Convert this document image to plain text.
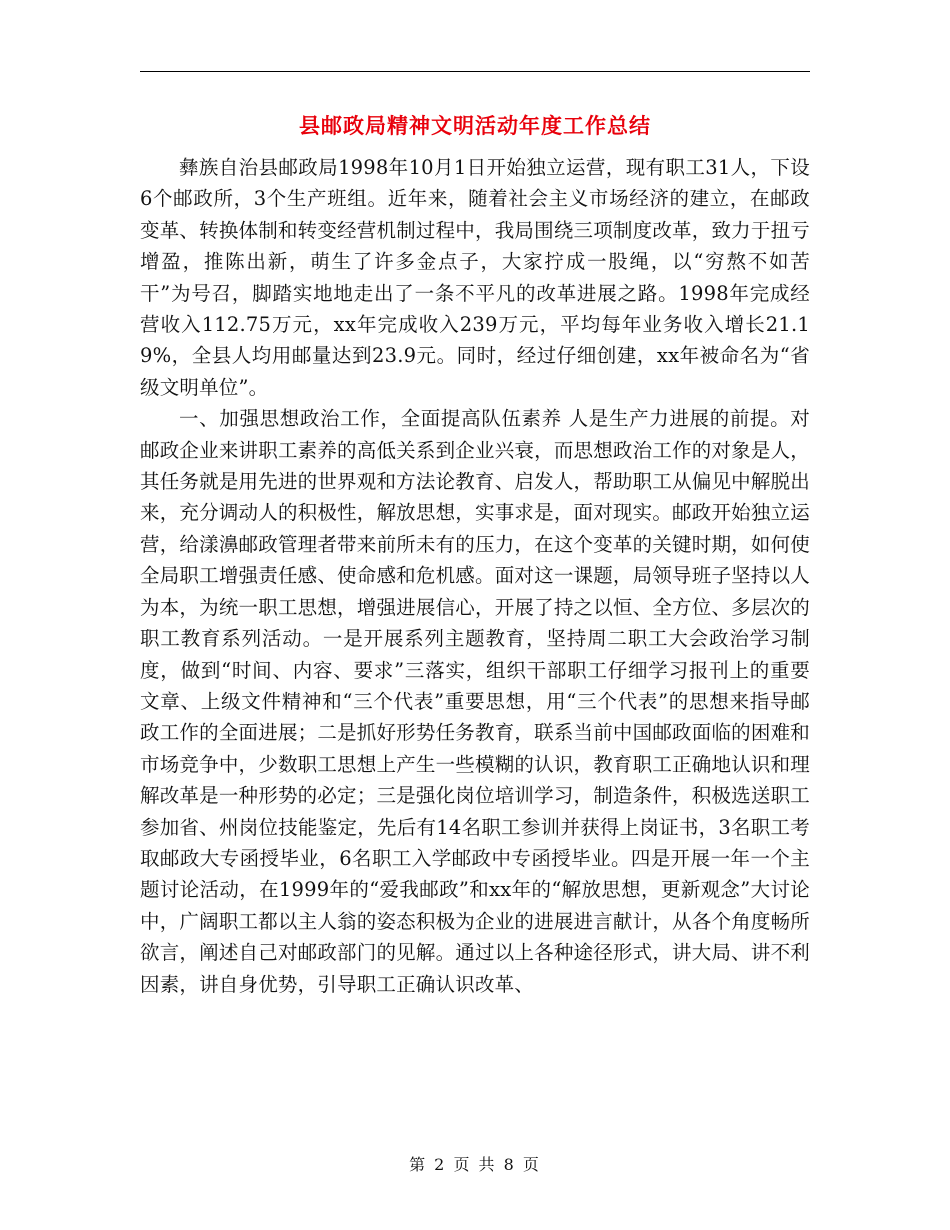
县邮政局精神文明活动年度工作总结

彝族自治县邮政局1998年10月1日开始独立运营，现有职工31人，下设6个邮政所，3个生产班组。近年来，随着社会主义市场经济的建立，在邮政变革、转换体制和转变经营机制过程中，我局围绕三项制度改革，致力于扭亏增盈，推陈出新，萌生了许多金点子，大家拧成一股绳，以“穷熬不如苦干”为号召，脚踏实地地走出了一条不平凡的改革进展之路。1998年完成经营收入112.75万元，xx年完成收入239万元，平均每年业务收入增长21.19%，全县人均用邮量达到23.9元。同时，经过仔细创建，xx年被命名为“省级文明单位”。

一、加强思想政治工作，全面提高队伍素养 人是生产力进展的前提。对邮政企业来讲职工素养的高低关系到企业兴衰，而思想政治工作的对象是人，其任务就是用先进的世界观和方法论教育、启发人，帮助职工从偏见中解脱出来，充分调动人的积极性，解放思想，实事求是，面对现实。邮政开始独立运营，给漾濞邮政管理者带来前所未有的压力，在这个变革的关键时期，如何使全局职工增强责任感、使命感和危机感。面对这一课题，局领导班子坚持以人为本，为统一职工思想，增强进展信心，开展了持之以恒、全方位、多层次的职工教育系列活动。一是开展系列主题教育，坚持周二职工大会政治学习制度，做到“时间、内容、要求”三落实，组织干部职工仔细学习报刊上的重要文章、上级文件精神和“三个代表”重要思想，用“三个代表”的思想来指导邮政工作的全面进展；二是抓好形势任务教育，联系当前中国邮政面临的困难和市场竞争中，少数职工思想上产生一些模糊的认识，教育职工正确地认识和理解改革是一种形势的必定；三是强化岗位培训学习，制造条件，积极选送职工参加省、州岗位技能鉴定，先后有14名职工参训并获得上岗证书，3名职工考取邮政大专函授毕业，6名职工入学邮政中专函授毕业。四是开展一年一个主题讨论活动，在1999年的“爱我邮政”和xx年的“解放思想，更新观念”大讨论中，广阔职工都以主人翁的姿态积极为企业的进展进言献计，从各个角度畅所欲言，阐述自己对邮政部门的见解。通过以上各种途径形式，讲大局、讲不利因素，讲自身优势，引导职工正确认识改革、

第 2 页 共 8 页
